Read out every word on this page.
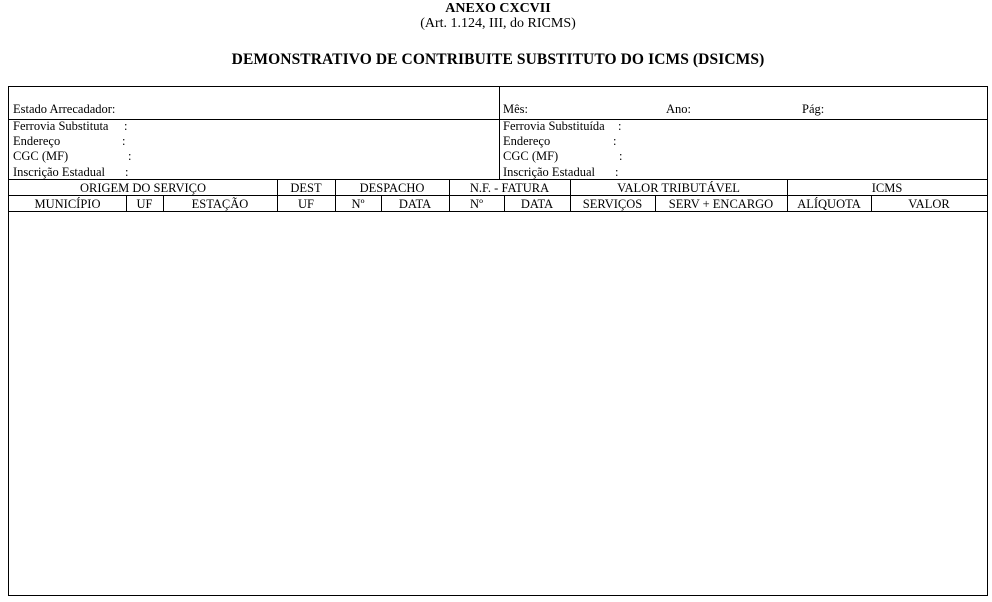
ANEXO CXCVII
(Art. 1.124, III, do RICMS)
DEMONSTRATIVO DE CONTRIBUITE SUBSTITUTO DO ICMS (DSICMS)
Estado Arrecadador:
Ferrovia Substituta :
Endereço	:
CGC (MF)	:
Inscrição Estadual :
Mês:	Ano:	Pág:
Ferrovia Substituída :
Endereço	:
CGC (MF)	:
Inscrição Estadual :
ORIGEM DO SERVIÇO	DEST	DESPACHO	N.F. - FATURA	VALOR TRIBUTÁVEL	ICMS
MUNICÍPIO	UF	ESTAÇÃO	UF	Nº	DATA	Nº	DATA	SERVIÇOS	SERV + ENCARGO	ALÍQUOTA	VALOR
